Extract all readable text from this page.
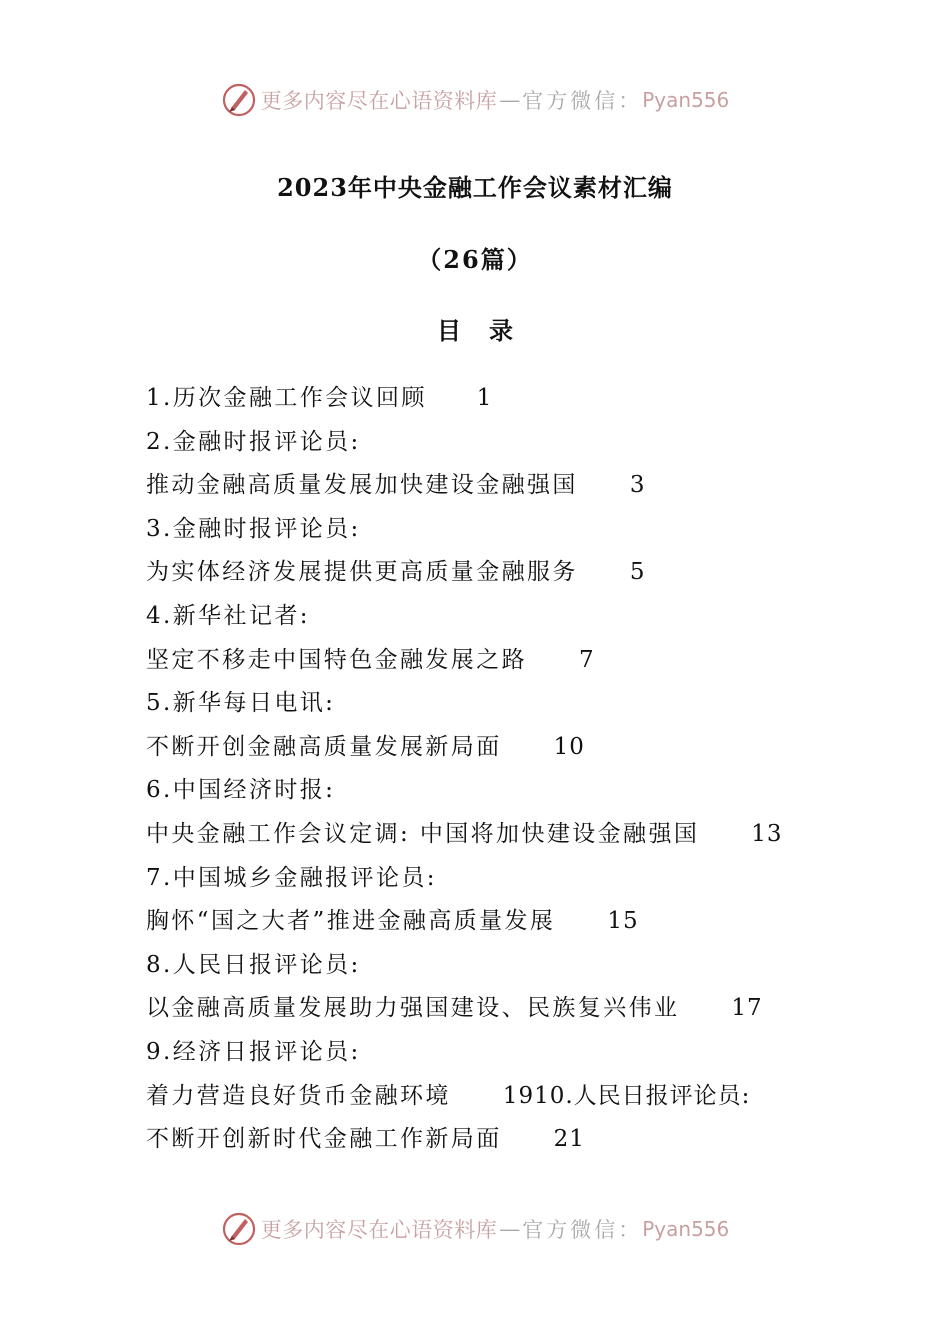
更多内容尽在心语资料库 — 官方微信： Pyan556
2023年中央金融工作会议素材汇编
（26篇）
目录
1.历次金融工作会议回顾 1
2.金融时报评论员:
推动金融高质量发展加快建设金融强国 3
3.金融时报评论员:
为实体经济发展提供更高质量金融服务 5
4.新华社记者:
坚定不移走中国特色金融发展之路 7
5.新华每日电讯:
不断开创金融高质量发展新局面 10
6.中国经济时报:
中央金融工作会议定调: 中国将加快建设金融强国 13
7.中国城乡金融报评论员:
胸怀“国之大者”推进金融高质量发展 15
8.人民日报评论员:
以金融高质量发展助力强国建设、民族复兴伟业 17
9.经济日报评论员:
着力营造良好货币金融环境 1910.人民日报评论员:
不断开创新时代金融工作新局面 21
更多内容尽在心语资料库 — 官方微信： Pyan556
